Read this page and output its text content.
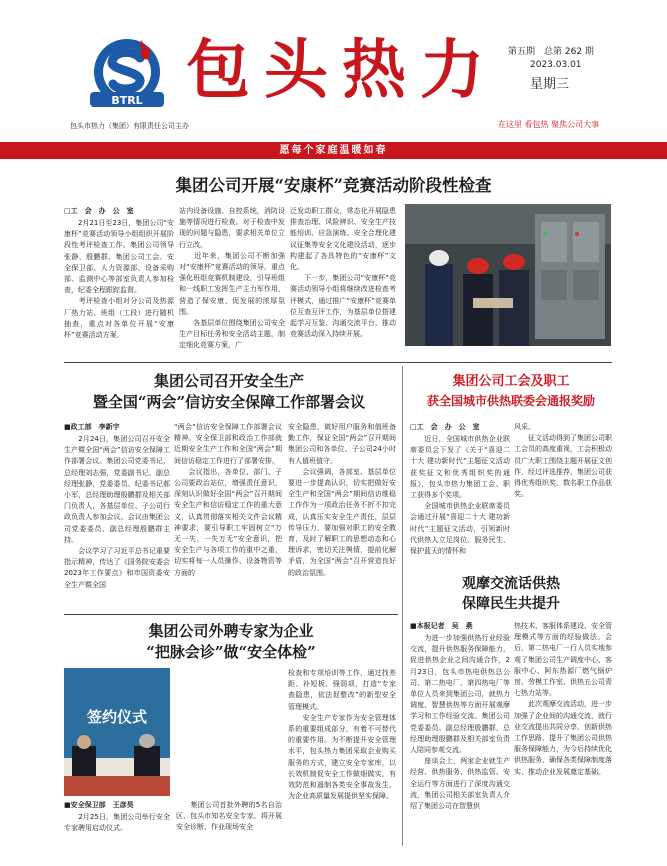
BTRL 包头热力 第五期　总第 262 期
2023.03.01
星期三
包头市热力（集团）有限责任公司主办	在这里 看包热 聚焦公司大事
愿每个家庭温暖如春
集团公司开展“安康杯”竞赛活动阶段性检查
□工　会　办　公　室
　　2月21日至23日，集团公司“安康杯”竞赛活动领导小组组织开展阶段性考评检查工作。集团公司领导张静、殷鹏群、集团公司工会、安全保卫部、人力资源部、设备采购部、监测中心等部室负责人参加检查，纪委全程跟踪监督。
　　考评检查小组对分公司及热源厂热力站、班组（工段）进行随机抽查，重点对各单位开展“安康杯”竞赛活动方案、
站内设备设施、自控系统，消防设施等情况进行检查。对于检查中发现的问题与隐患，要求相关单位立行立改。
　　近年来，集团公司不断加强对“安康杯”竞赛活动的领导，重点强化班组竞赛机制建设，引导班组和一线职工发挥生产主力军作用，营造了保安康、促发展的浓厚氛围。
　　各基层单位围绕集团公司安全生产目标任务和安全活动主题，制定细化竞赛方案，广
泛发动职工群众，常态化开展隐患排查治理、风险辨识、安全生产技能培训、应急演练、安全合理化建议征集等安全文化建设活动，逐步构建起了各具特色的“安康杯”文化。
　　下一步，集团公司“安康杯”竞赛活动领导小组将继续改进检查考评模式，通过推广“安康杯”竞赛单位互查互评工作，为基层单位搭建起学习互鉴、沟通交流平台，推动竞赛活动深入持续开展。
集团公司召开安全生产
暨全国“两会”信访安全保障工作部署会议
■政工部　李新宇
　　2月24日，集团公司召开安全生产暨全国“两会”信访安全保障工作部署会议。集团公司党委书记、总经理刘志强，党委副书记、副总经理张静，党委委员、纪委书记郝小军，总经理助理殷鹏群及相关部门负责人，各基层单位、子公司行政负责人参加会议。会议由集团公司党委委员、副总经理殷鹏群主持。
　　会议学习了习近平总书记重要指示精神，传达了《国务院安委会2023年工作要点》和市国资委安全生产暨全国
“两会”信访安全保障工作部署会议精神。安全保卫部和政治工作部就近期安全生产工作和全国“两会”期间信访稳定工作进行了部署安排。
　　会议指出，各单位、部门、子公司要政治站位，增强责任意识，深刻认识做好全国“两会”召开期间安全生产和信访稳定工作的重大意义，认真贯彻落实相关文件会议精神要求，要引导职工牢固树立“万无一失、一失万无”安全意识，把安全生产与各项工作的重中之重，切实将每一人员操作、设备物资等方面的
安全隐患，做好用户服务和值班备勤工作，保证全国“两会”召开期间集团公司和各单位、子公司24小时有人值班值守。
　　会议强调，各部室、基层单位要进一步提高认识，切实把做好安全生产和全国“两会”期间信访维稳工作作为一项政治任务不折不扣完成，认真压实安全生产责任，层层传导压力，要加强对职工的安全教育，及时了解职工的思想动态和心理诉求，密切关注舆情，提前化解矛盾，为全国“两会”召开营造良好的政治氛围。
集团公司工会及职工
获全国城市供热联委会通报奖励
□工　会　办　公　室
　　近日，全国城市供热企业联席委员会下发了《关于“喜迎二十大 建功新时代”主题征文活动获奖征文和优秀组织奖的通报》，包头市热力集团工会、职工获得多个奖项。
　　全国城市供热企业联席委员会通过开展“喜迎二十大 建功新时代”主题征文活动，引领新时代供热人立足岗位、服务民生、保护蓝天的情怀和
风采。
　　征文活动得到了集团公司职工会员的高度重视，工会积极动员广大职工围绕主题开展征文创作，经过评选推荐，集团公司获得优秀组织奖，数名职工作品获奖。
观摩交流话供热
保障民生共提升
■本报记者　吴　燕
　　为进一步加强供热行业经验交流，提升供热服务保障能力，促进供热企业之间沟通合作，2月23日，包头市热电供热总公司、第二热电厂、第四热电厂等单位人员来到集团公司，就热力调度、智慧供热等方面开展观摩学习和工作经验交流。集团公司党委委员、副总经理殷鹏群，总经理助理殷鹏群及相关部室负责人陪同参观交流。
　　座谈会上，两家企业就生产经营、供热服务、供热监管、安全运行等方面进行了深度沟通交流，集团公司相关部室负责人介绍了集团公司在智慧供
热技术、客服体系建设、安全管理模式等方面的经验做法。会后，第二热电厂一行人员实地参观了集团公司生产调度中心、客服中心、阿东热源厂燃气锅炉房、劳模工作室、供热五公司青七热力站等。
　　此次观摩交流活动，进一步加强了企业间的沟通交流，就行业交流提出共同分享，创新供热工作思路，提升了集团公司供热服务保障能力，为今后持续优化供热服务、确保各类保障制度落实、推动企业发展奠定基础。
集团公司外聘专家为企业
“把脉会诊”做“安全体检”
签约仪式
■安全保卫部　王彦昊
　　2月25日，集团公司举行安全专家聘用启动仪式。
检查和专项培训等工作，通过找差距、补短板、强弱项，打造“专家查隐患，依法促整改”的新型安全管理模式。
　　安全生产专家作为安全管理体系的重要组成部分，有着不可替代的重要作用。为不断提升安全管理水平，包头热力集团采取企业购买服务的方式，建立安全专家库，以长效机制促安全工作做细做实，有效防范和遏制各类安全事故发生，为企业高质量发展提供坚实保障。
　　集团公司首批外聘的5名自治区、包头市知名安全专家，将开展安全诊断、作业现场安全
